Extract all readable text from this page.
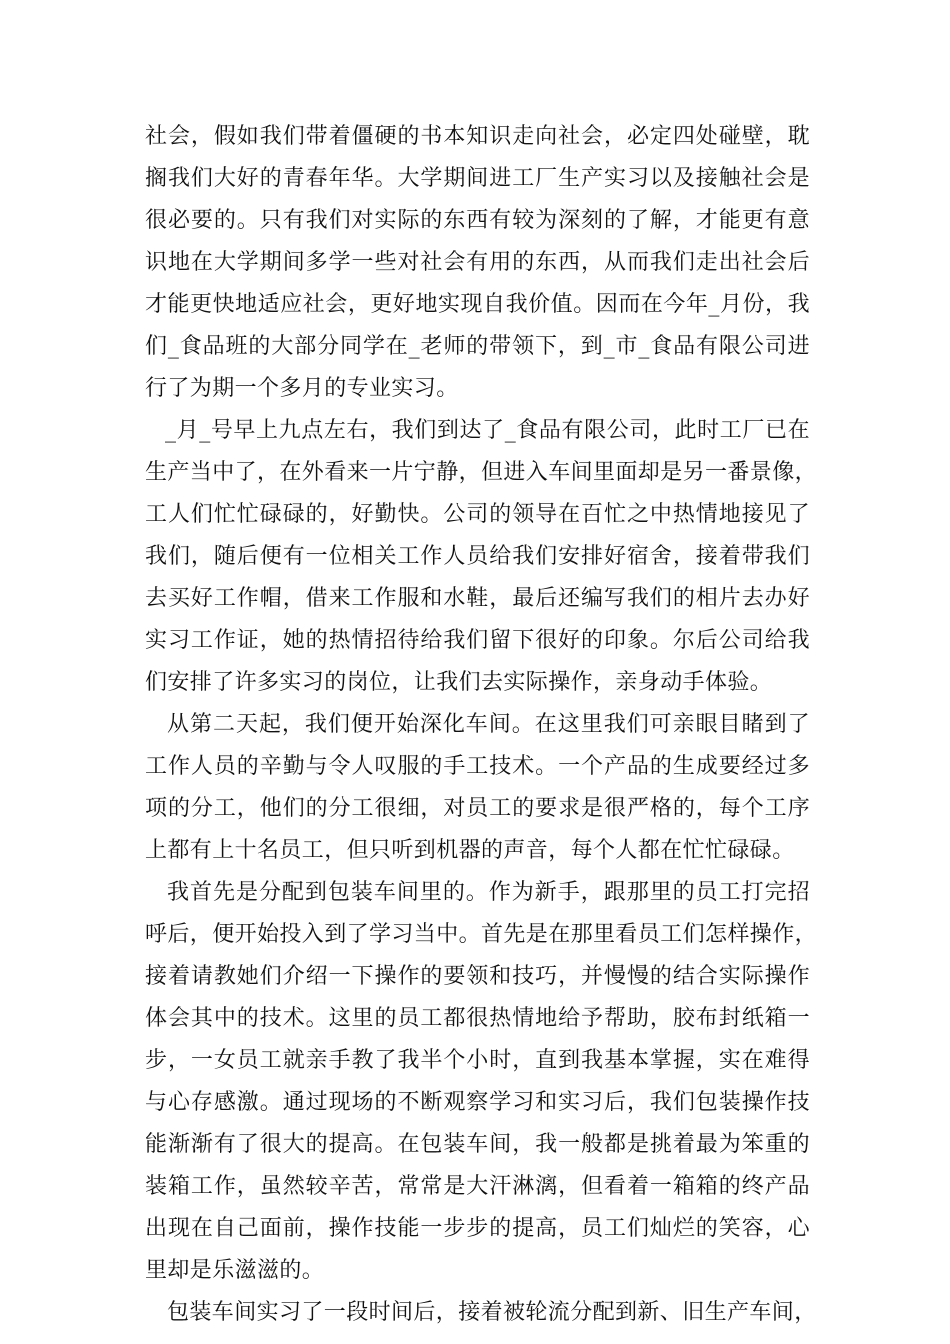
社会，假如我们带着僵硬的书本知识走向社会，必定四处碰壁，耽
搁我们大好的青春年华。大学期间进工厂生产实习以及接触社会是
很必要的。只有我们对实际的东西有较为深刻的了解，才能更有意
识地在大学期间多学一些对社会有用的东西，从而我们走出社会后
才能更快地适应社会，更好地实现自我价值。因而在今年_月份，我
们_食品班的大部分同学在_老师的带领下，到_市_食品有限公司进
行了为期一个多月的专业实习。
_月_号早上九点左右，我们到达了_食品有限公司，此时工厂已在
生产当中了，在外看来一片宁静，但进入车间里面却是另一番景像，
工人们忙忙碌碌的，好勤快。公司的领导在百忙之中热情地接见了
我们，随后便有一位相关工作人员给我们安排好宿舍，接着带我们
去买好工作帽，借来工作服和水鞋，最后还编写我们的相片去办好
实习工作证，她的热情招待给我们留下很好的印象。尔后公司给我
们安排了许多实习的岗位，让我们去实际操作，亲身动手体验。
从第二天起，我们便开始深化车间。在这里我们可亲眼目睹到了
工作人员的辛勤与令人叹服的手工技术。一个产品的生成要经过多
项的分工，他们的分工很细，对员工的要求是很严格的，每个工序
上都有上十名员工，但只听到机器的声音，每个人都在忙忙碌碌。
我首先是分配到包装车间里的。作为新手，跟那里的员工打完招
呼后，便开始投入到了学习当中。首先是在那里看员工们怎样操作，
接着请教她们介绍一下操作的要领和技巧，并慢慢的结合实际操作
体会其中的技术。这里的员工都很热情地给予帮助，胶布封纸箱一
步，一女员工就亲手教了我半个小时，直到我基本掌握，实在难得
与心存感激。通过现场的不断观察学习和实习后，我们包装操作技
能渐渐有了很大的提高。在包装车间，我一般都是挑着最为笨重的
装箱工作，虽然较辛苦，常常是大汗淋漓，但看着一箱箱的终产品
出现在自己面前，操作技能一步步的提高，员工们灿烂的笑容，心
里却是乐滋滋的。
包装车间实习了一段时间后，接着被轮流分配到新、旧生产车间，
